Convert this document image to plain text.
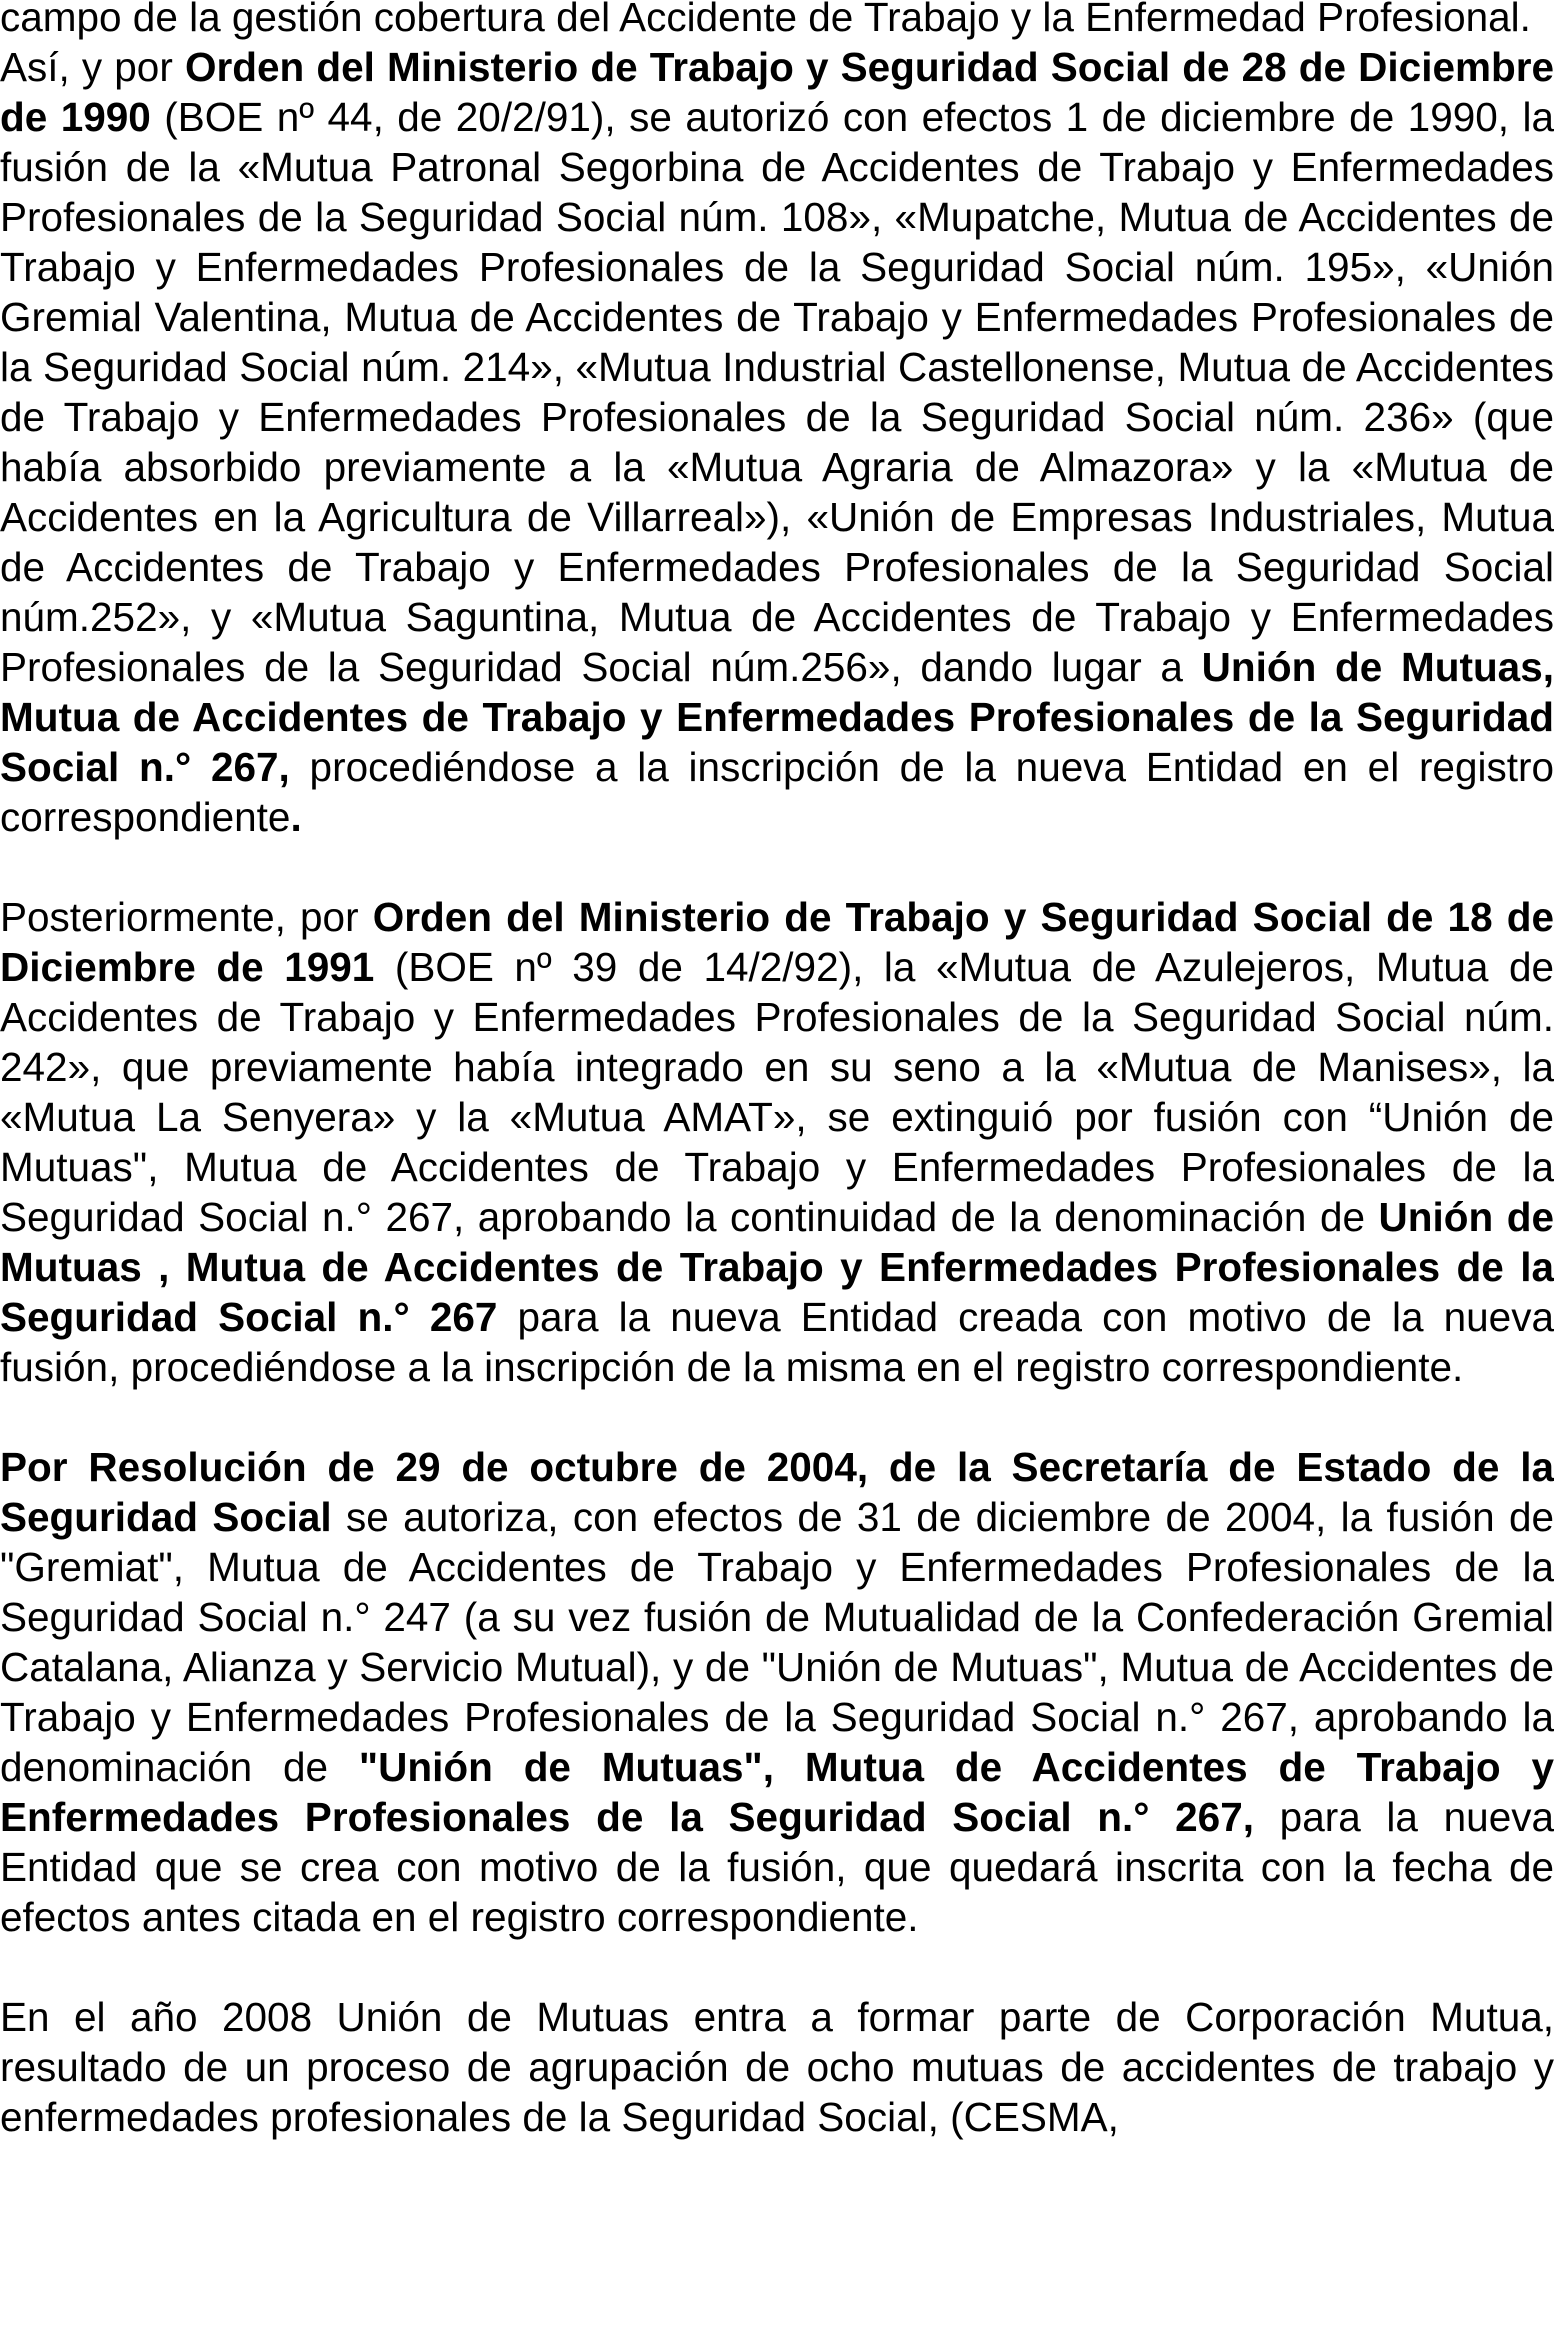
campo de la gestión cobertura del Accidente de Trabajo y la Enfermedad Profesional.

Así, y por Orden del Ministerio de Trabajo y Seguridad Social de 28 de Diciembre de 1990 (BOE nº 44, de 20/2/91), se autorizó con efectos 1 de diciembre de 1990, la fusión de la «Mutua Patronal Segorbina de Accidentes de Trabajo y Enfermedades Profesionales de la Seguridad Social núm. 108», «Mupatche, Mutua de Accidentes de Trabajo y Enfermedades Profesionales de la Seguridad Social núm. 195», «Unión Gremial Valentina, Mutua de Accidentes de Trabajo y Enfermedades Profesionales de la Seguridad Social núm. 214», «Mutua Industrial Castellonense, Mutua de Accidentes de Trabajo y Enfermedades Profesionales de la Seguridad Social núm. 236» (que había absorbido previamente a la «Mutua Agraria de Almazora» y la «Mutua de Accidentes en la Agricultura de Villarreal»), «Unión de Empresas Industriales, Mutua de Accidentes de Trabajo y Enfermedades Profesionales de la Seguridad Social núm.252», y «Mutua Saguntina, Mutua de Accidentes de Trabajo y Enfermedades Profesionales de la Seguridad Social núm.256», dando lugar a Unión de Mutuas, Mutua de Accidentes de Trabajo y Enfermedades Profesionales de la Seguridad Social n.° 267, procediéndose a la inscripción de la nueva Entidad en el registro correspondiente.

Posteriormente, por Orden del Ministerio de Trabajo y Seguridad Social de 18 de Diciembre de 1991 (BOE nº 39 de 14/2/92), la «Mutua de Azulejeros, Mutua de Accidentes de Trabajo y Enfermedades Profesionales de la Seguridad Social núm. 242», que previamente había integrado en su seno a la «Mutua de Manises», la «Mutua La Senyera» y la «Mutua AMAT», se extinguió por fusión con “Unión de Mutuas", Mutua de Accidentes de Trabajo y Enfermedades Profesionales de la Seguridad Social n.° 267, aprobando la continuidad de la denominación de Unión de Mutuas , Mutua de Accidentes de Trabajo y Enfermedades Profesionales de la Seguridad Social n.° 267 para la nueva Entidad creada con motivo de la nueva fusión, procediéndose a la inscripción de la misma en el registro correspondiente.

Por Resolución de 29 de octubre de 2004, de la Secretaría de Estado de la Seguridad Social se autoriza, con efectos de 31 de diciembre de 2004, la fusión de "Gremiat", Mutua de Accidentes de Trabajo y Enfermedades Profesionales de la Seguridad Social n.° 247 (a su vez fusión de Mutualidad de la Confederación Gremial Catalana, Alianza y Servicio Mutual), y de "Unión de Mutuas", Mutua de Accidentes de Trabajo y Enfermedades Profesionales de la Seguridad Social n.° 267, aprobando la denominación de "Unión de Mutuas", Mutua de Accidentes de Trabajo y Enfermedades Profesionales de la Seguridad Social n.° 267, para la nueva Entidad que se crea con motivo de la fusión, que quedará inscrita con la fecha de efectos antes citada en el registro correspondiente.

En el año 2008 Unión de Mutuas entra a formar parte de Corporación Mutua, resultado de un proceso de agrupación de ocho mutuas de accidentes de trabajo y enfermedades profesionales de la Seguridad Social, (CESMA,
